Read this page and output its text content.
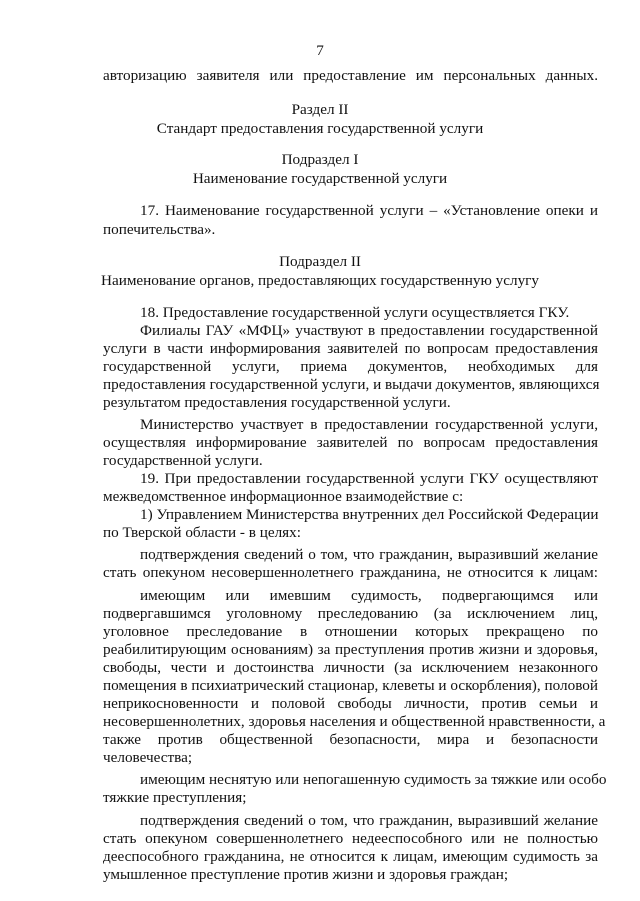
7
авторизацию заявителя или предоставление им персональных данных.
Раздел II
Стандарт предоставления государственной услуги
Подраздел I
Наименование государственной услуги
17. Наименование государственной услуги – «Установление опеки и
попечительства».
Подраздел II
Наименование органов, предоставляющих государственную услугу
18. Предоставление государственной услуги осуществляется ГКУ.
Филиалы ГАУ «МФЦ» участвуют в предоставлении государственной
услуги в части информирования заявителей по вопросам предоставления
государственной услуги, приема документов, необходимых для
предоставления государственной услуги, и выдачи документов, являющихся
результатом предоставления государственной услуги.
Министерство участвует в предоставлении государственной услуги,
осуществляя информирование заявителей по вопросам предоставления
государственной услуги.
19. При предоставлении государственной услуги ГКУ осуществляют
межведомственное информационное взаимодействие с:
1) Управлением Министерства внутренних дел Российской Федерации
по Тверской области - в целях:
подтверждения сведений о том, что гражданин, выразивший желание
стать опекуном несовершеннолетнего гражданина, не относится к лицам:
имеющим или имевшим судимость, подвергающимся или
подвергавшимся уголовному преследованию (за исключением лиц,
уголовное преследование в отношении которых прекращено по
реабилитирующим основаниям) за преступления против жизни и здоровья,
свободы, чести и достоинства личности (за исключением незаконного
помещения в психиатрический стационар, клеветы и оскорбления), половой
неприкосновенности и половой свободы личности, против семьи и
несовершеннолетних, здоровья населения и общественной нравственности, а
также против общественной безопасности, мира и безопасности
человечества;
имеющим неснятую или непогашенную судимость за тяжкие или особо
тяжкие преступления;
подтверждения сведений о том, что гражданин, выразивший желание
стать опекуном совершеннолетнего недееспособного или не полностью
дееспособного гражданина, не относится к лицам, имеющим судимость за
умышленное преступление против жизни и здоровья граждан;
